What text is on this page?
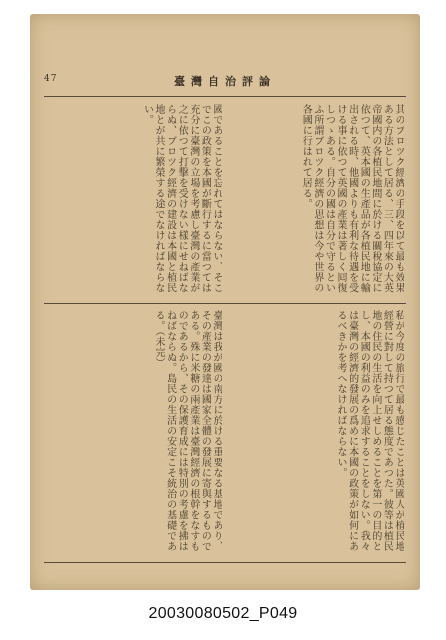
47	臺灣自治評論
其のブロツク經濟の手段を以て最も效果ある方法として居る、三、四年來の大英帝國内の各植民地間に於ける關稅協定に依つて、英本國の生產品が各植民地に輸出される時、他國よりも有利な待遇を受ける事に依つて英國の產業は著しく囘復しつゝある。自分の國は自分で守るといふ所謂ブロツク經濟の思想は今や世界の各國に行はれて居る。
國であることを忘れてはならない、そこでこの政策を本國が斷行するに當つては充分に臺灣の立場を考慮し臺灣の產業が之に依つて打擊を受けない樣にせねばならぬ、ブロツク經濟の建設は本國と植民地とが共に繁榮する途でなければならない。
私が今度の旅行で最も感じたことは英國人が植民地經營に對して持つて居る態度であつた。彼等は植民地の住民の生活を向上せしめることを第一の目的とし、本國の利益のみを追求することをしない。我々は臺灣の經濟的發展の爲めに本國の政策が如何にあるべきかを考へなければならない。
臺灣は我が國の南方に於ける重要なる基地であり、その產業の發達は國家全體の發展に寄與するものである。殊に米糖の兩產業は臺灣經濟の根幹をなすものであるから、その保護育成には特別の考慮を拂はねばならぬ。島民の生活の安定こそ統治の基礎である。（未完）
20030080502_P049
